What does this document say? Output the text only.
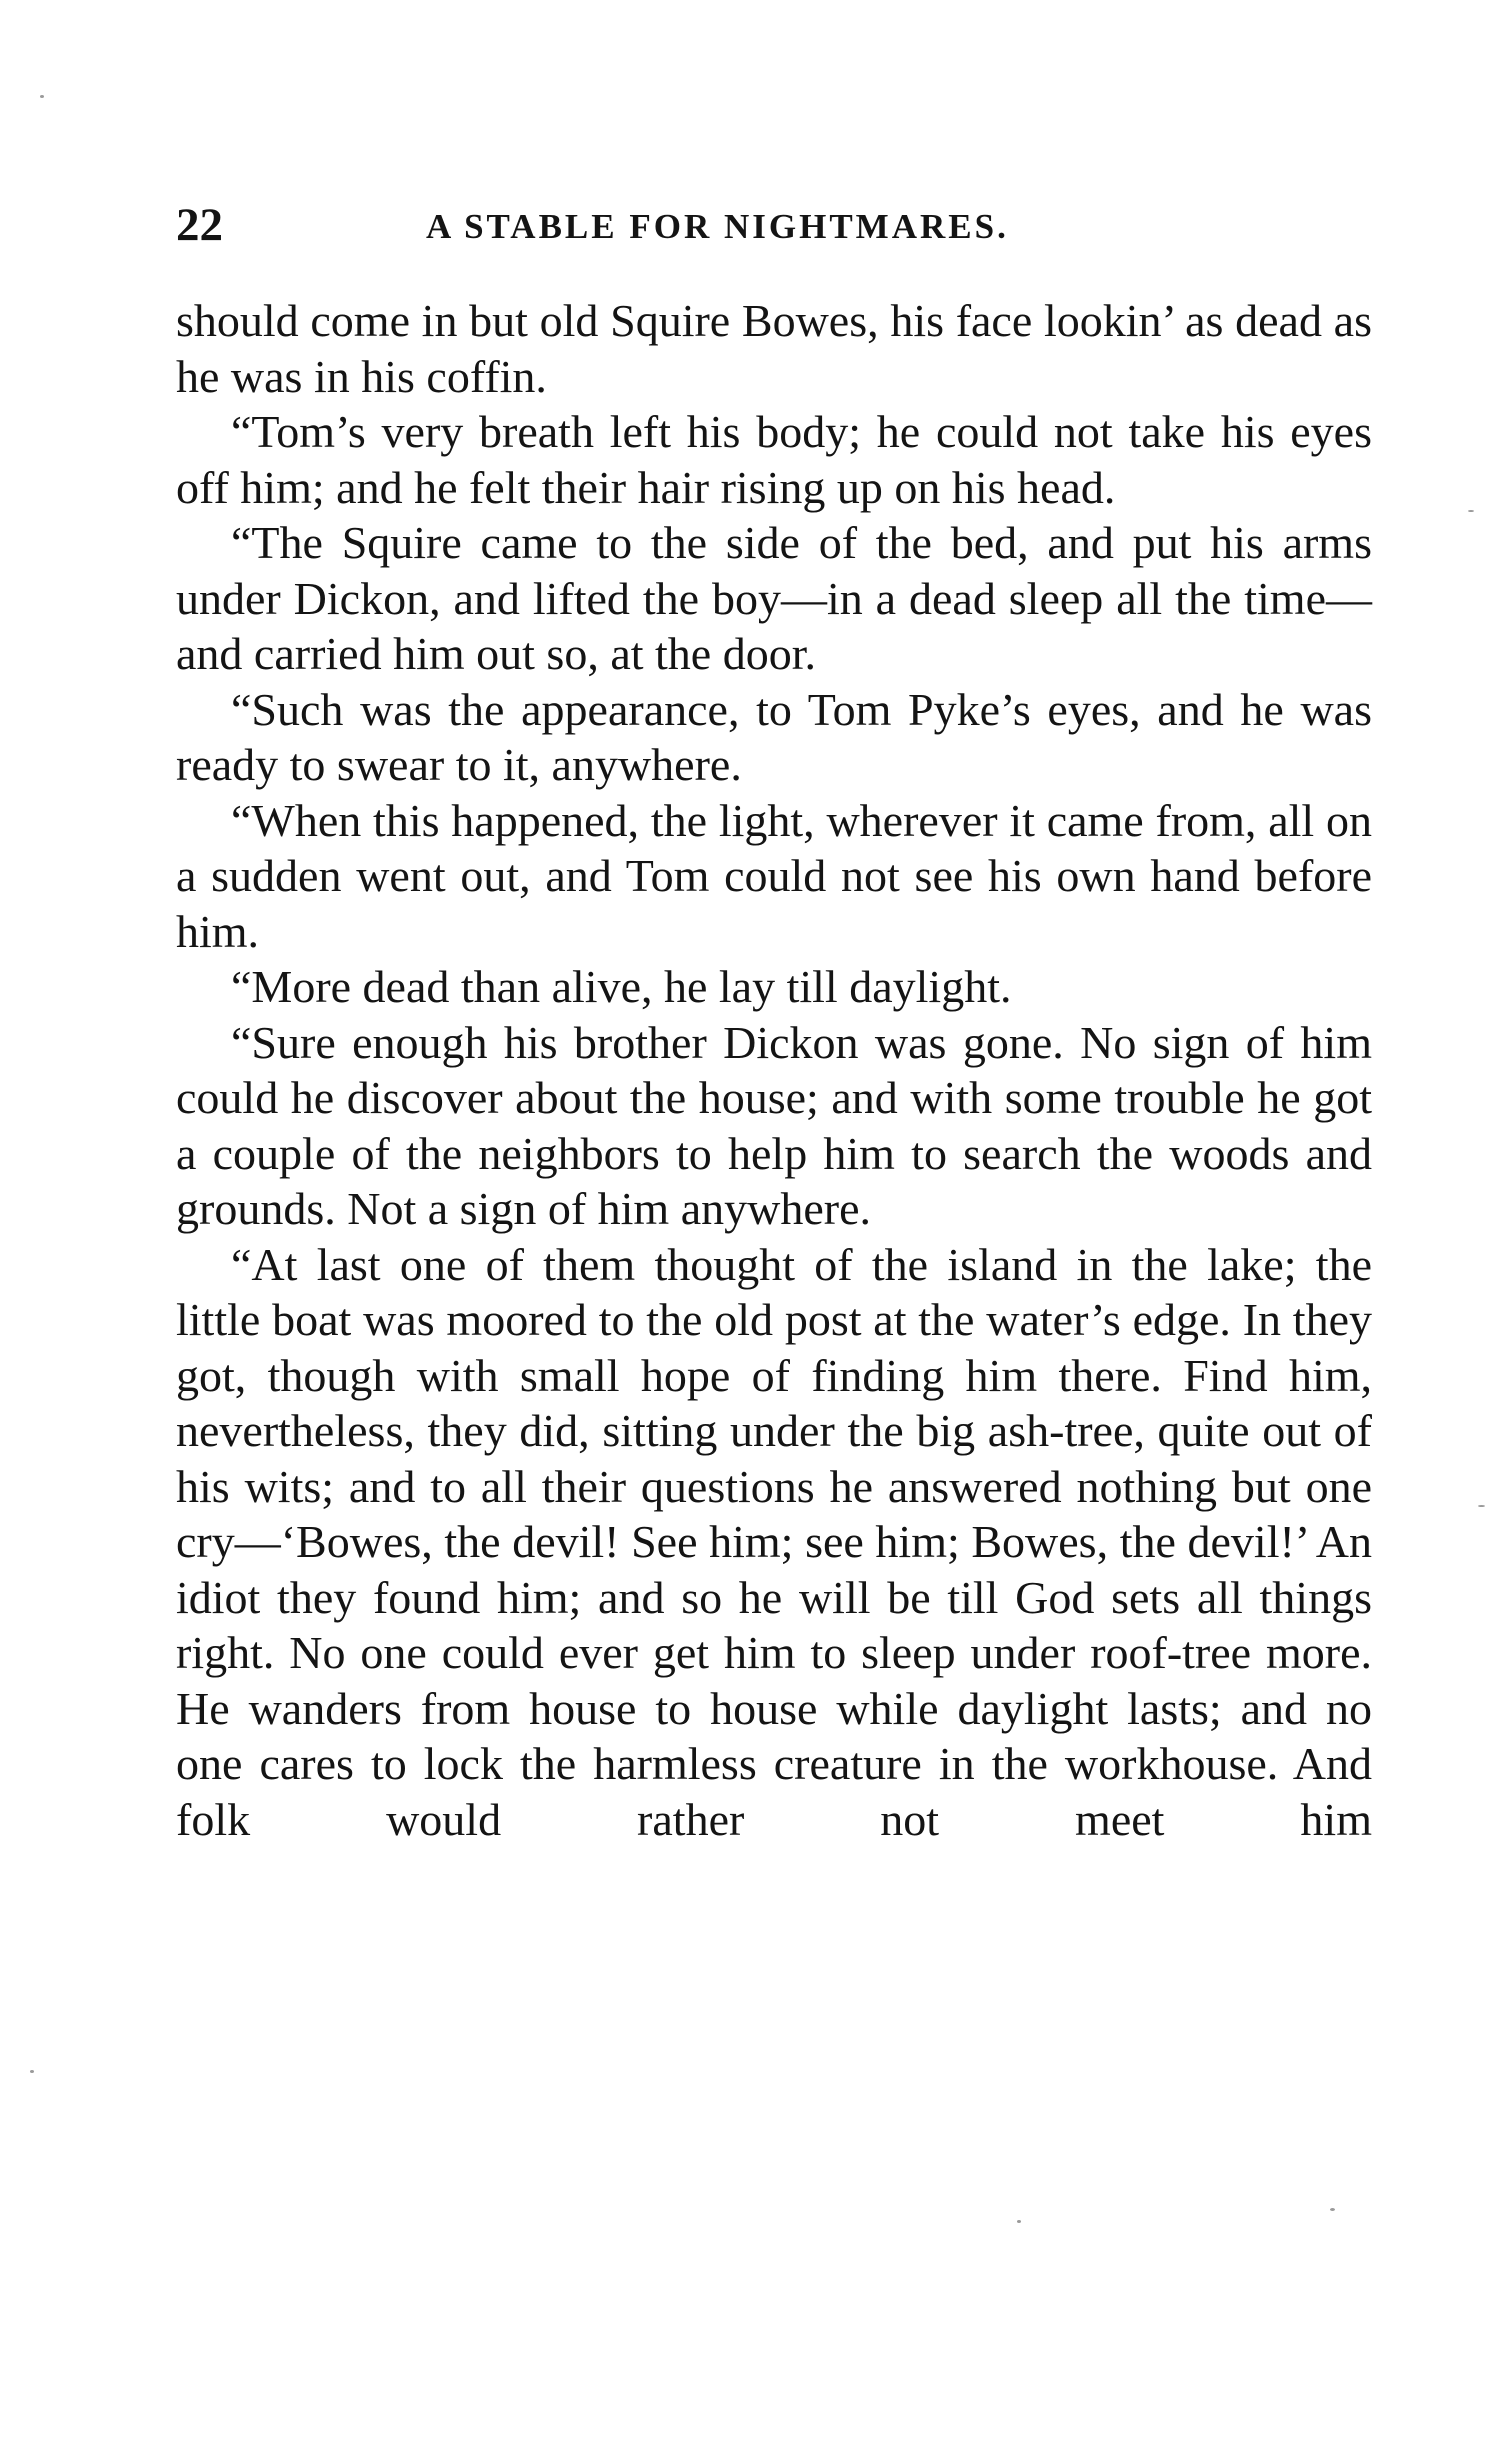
22	A STABLE FOR NIGHTMARES.

should come in but old Squire Bowes, his face lookin’ as dead as he was in his coffin.

“Tom’s very breath left his body; he could not take his eyes off him; and he felt their hair rising up on his head.

“The Squire came to the side of the bed, and put his arms under Dickon, and lifted the boy—in a dead sleep all the time—and carried him out so, at the door.

“Such was the appearance, to Tom Pyke’s eyes, and he was ready to swear to it, anywhere.

“When this happened, the light, wherever it came from, all on a sudden went out, and Tom could not see his own hand before him.

“More dead than alive, he lay till daylight.

“Sure enough his brother Dickon was gone. No sign of him could he discover about the house; and with some trouble he got a couple of the neighbors to help him to search the woods and grounds. Not a sign of him anywhere.

“At last one of them thought of the island in the lake; the little boat was moored to the old post at the water’s edge. In they got, though with small hope of finding him there. Find him, nevertheless, they did, sitting under the big ash-tree, quite out of his wits; and to all their questions he answered nothing but one cry—‘Bowes, the devil! See him; see him; Bowes, the devil!’ An idiot they found him; and so he will be till God sets all things right. No one could ever get him to sleep under roof-tree more. He wanders from house to house while daylight lasts; and no one cares to lock the harmless creature in the workhouse. And folk would rather not meet him
